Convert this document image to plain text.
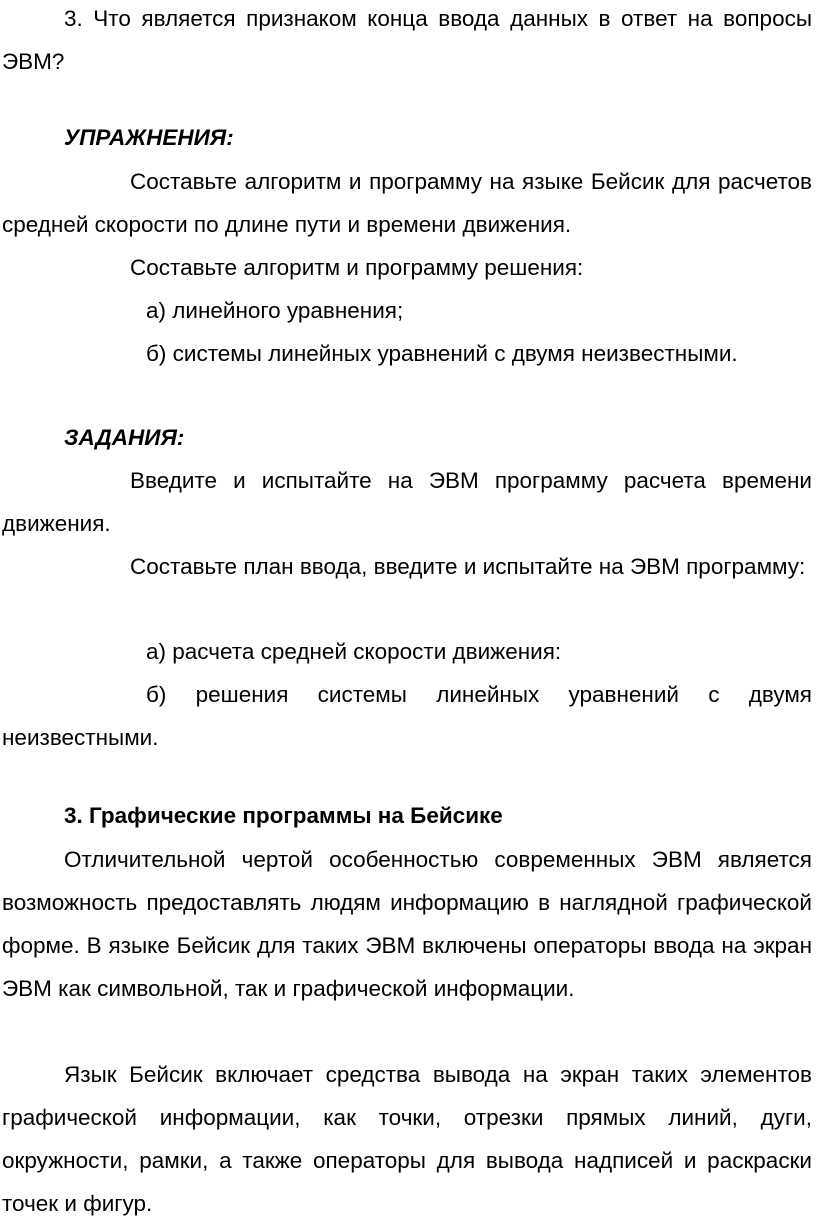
3. Что является признаком конца ввода данных в ответ на вопросы ЭВМ?

УПРАЖНЕНИЯ:

Составьте алгоритм и программу на языке Бейсик для расчетов средней скорости по длине пути и времени движения.

Составьте алгоритм и программу решения:

а) линейного уравнения;

б) системы линейных уравнений с двумя неизвестными.

ЗАДАНИЯ:

Введите и испытайте на ЭВМ программу расчета времени движения.

Составьте план ввода, введите и испытайте на ЭВМ программу:

а) расчета средней скорости движения:

б) решения системы линейных уравнений с двумя неизвестными.

3. Графические программы на Бейсике

Отличительной чертой особенностью современных ЭВМ является возможность предоставлять людям информацию в наглядной графической форме. В языке Бейсик для таких ЭВМ включены операторы ввода на экран ЭВМ как символьной, так и графической информации.

Язык Бейсик включает средства вывода на экран таких элементов графической информации, как точки, отрезки прямых линий, дуги, окружности, рамки, а также операторы для вывода надписей и раскраски точек и фигур.
